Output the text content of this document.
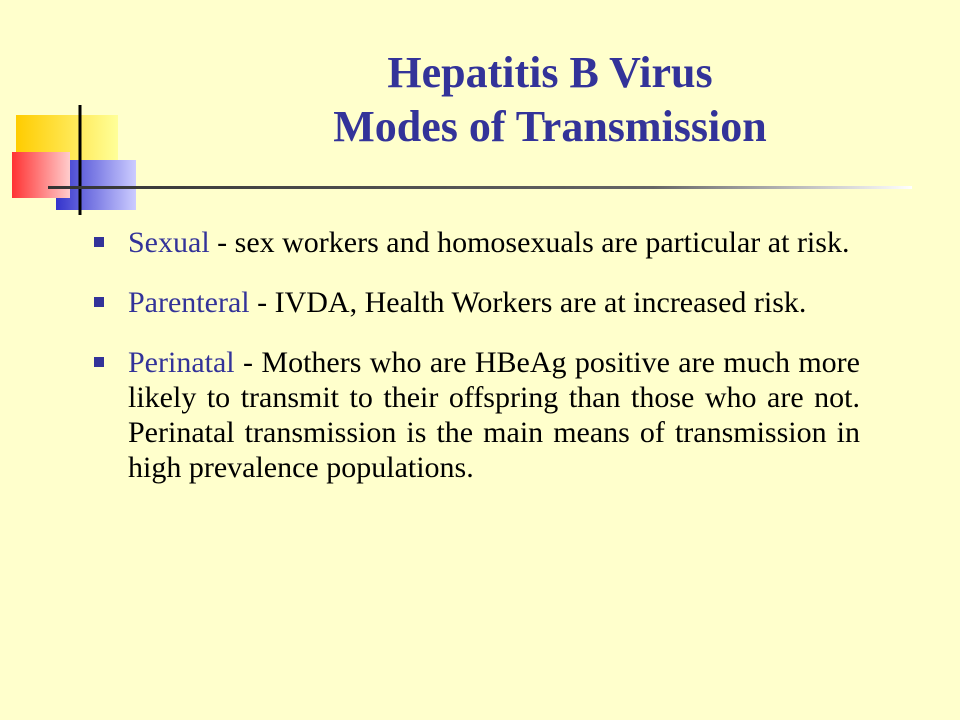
Hepatitis B Virus
Modes of Transmission
Sexual - sex workers and homosexuals are particular at risk.
Parenteral - IVDA, Health Workers are at increased risk.
Perinatal - Mothers who are HBeAg positive are much more likely to transmit to their offspring than those who are not. Perinatal transmission is the main means of transmission in high prevalence populations.
